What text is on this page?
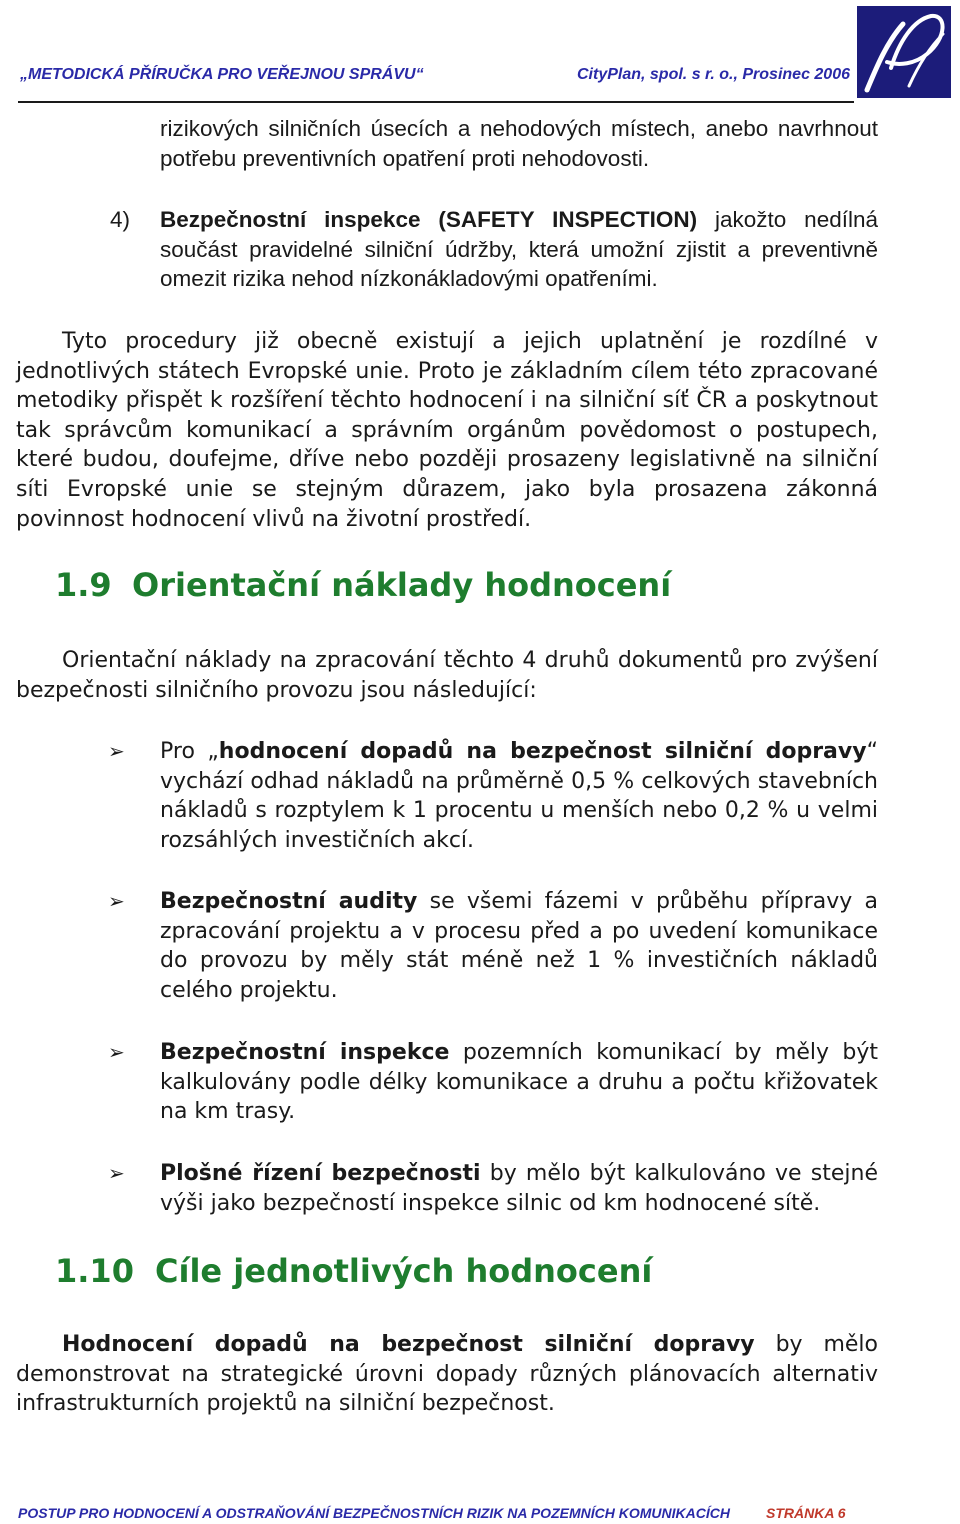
„METODICKÁ PŘÍRUČKA PRO VEŘEJNOU SPRÁVU“	CityPlan, spol. s r. o., Prosinec 2006

rizikových silničních úsecích a nehodových místech, anebo navrhnout potřebu preventivních opatření proti nehodovosti.

4) Bezpečnostní inspekce (SAFETY INSPECTION) jakožto nedílná součást pravidelné silniční údržby, která umožní zjistit a preventivně omezit rizika nehod nízkonákladovými opatřeními.

Tyto procedury již obecně existují a jejich uplatnění je rozdílné v jednotlivých státech Evropské unie. Proto je základním cílem této zpracované metodiky přispět k rozšíření těchto hodnocení i na silniční síť ČR a poskytnout tak správcům komunikací a správním orgánům povědomost o postupech, které budou, doufejme, dříve nebo později prosazeny legislativně na silniční síti Evropské unie se stejným důrazem, jako byla prosazena zákonná povinnost hodnocení vlivů na životní prostředí.

1.9 Orientační náklady hodnocení

Orientační náklady na zpracování těchto 4 druhů dokumentů pro zvýšení bezpečnosti silničního provozu jsou následující:

➢ Pro „hodnocení dopadů na bezpečnost silniční dopravy“ vychází odhad nákladů na průměrně 0,5 % celkových stavebních nákladů s rozptylem k 1 procentu u menších nebo 0,2 % u velmi rozsáhlých investičních akcí.

➢ Bezpečnostní audity se všemi fázemi v průběhu přípravy a zpracování projektu a v procesu před a po uvedení komunikace do provozu by měly stát méně než 1 % investičních nákladů celého projektu.

➢ Bezpečnostní inspekce pozemních komunikací by měly být kalkulovány podle délky komunikace a druhu a počtu křižovatek na km trasy.

➢ Plošné řízení bezpečnosti by mělo být kalkulováno ve stejné výši jako bezpečností inspekce silnic od km hodnocené sítě.

1.10 Cíle jednotlivých hodnocení

Hodnocení dopadů na bezpečnost silniční dopravy by mělo demonstrovat na strategické úrovni dopady různých plánovacích alternativ infrastrukturních projektů na silniční bezpečnost.

POSTUP PRO HODNOCENÍ A ODSTRAŇOVÁNÍ BEZPEČNOSTNÍCH RIZIK NA POZEMNÍCH KOMUNIKACÍCH	STRÁNKA 6
